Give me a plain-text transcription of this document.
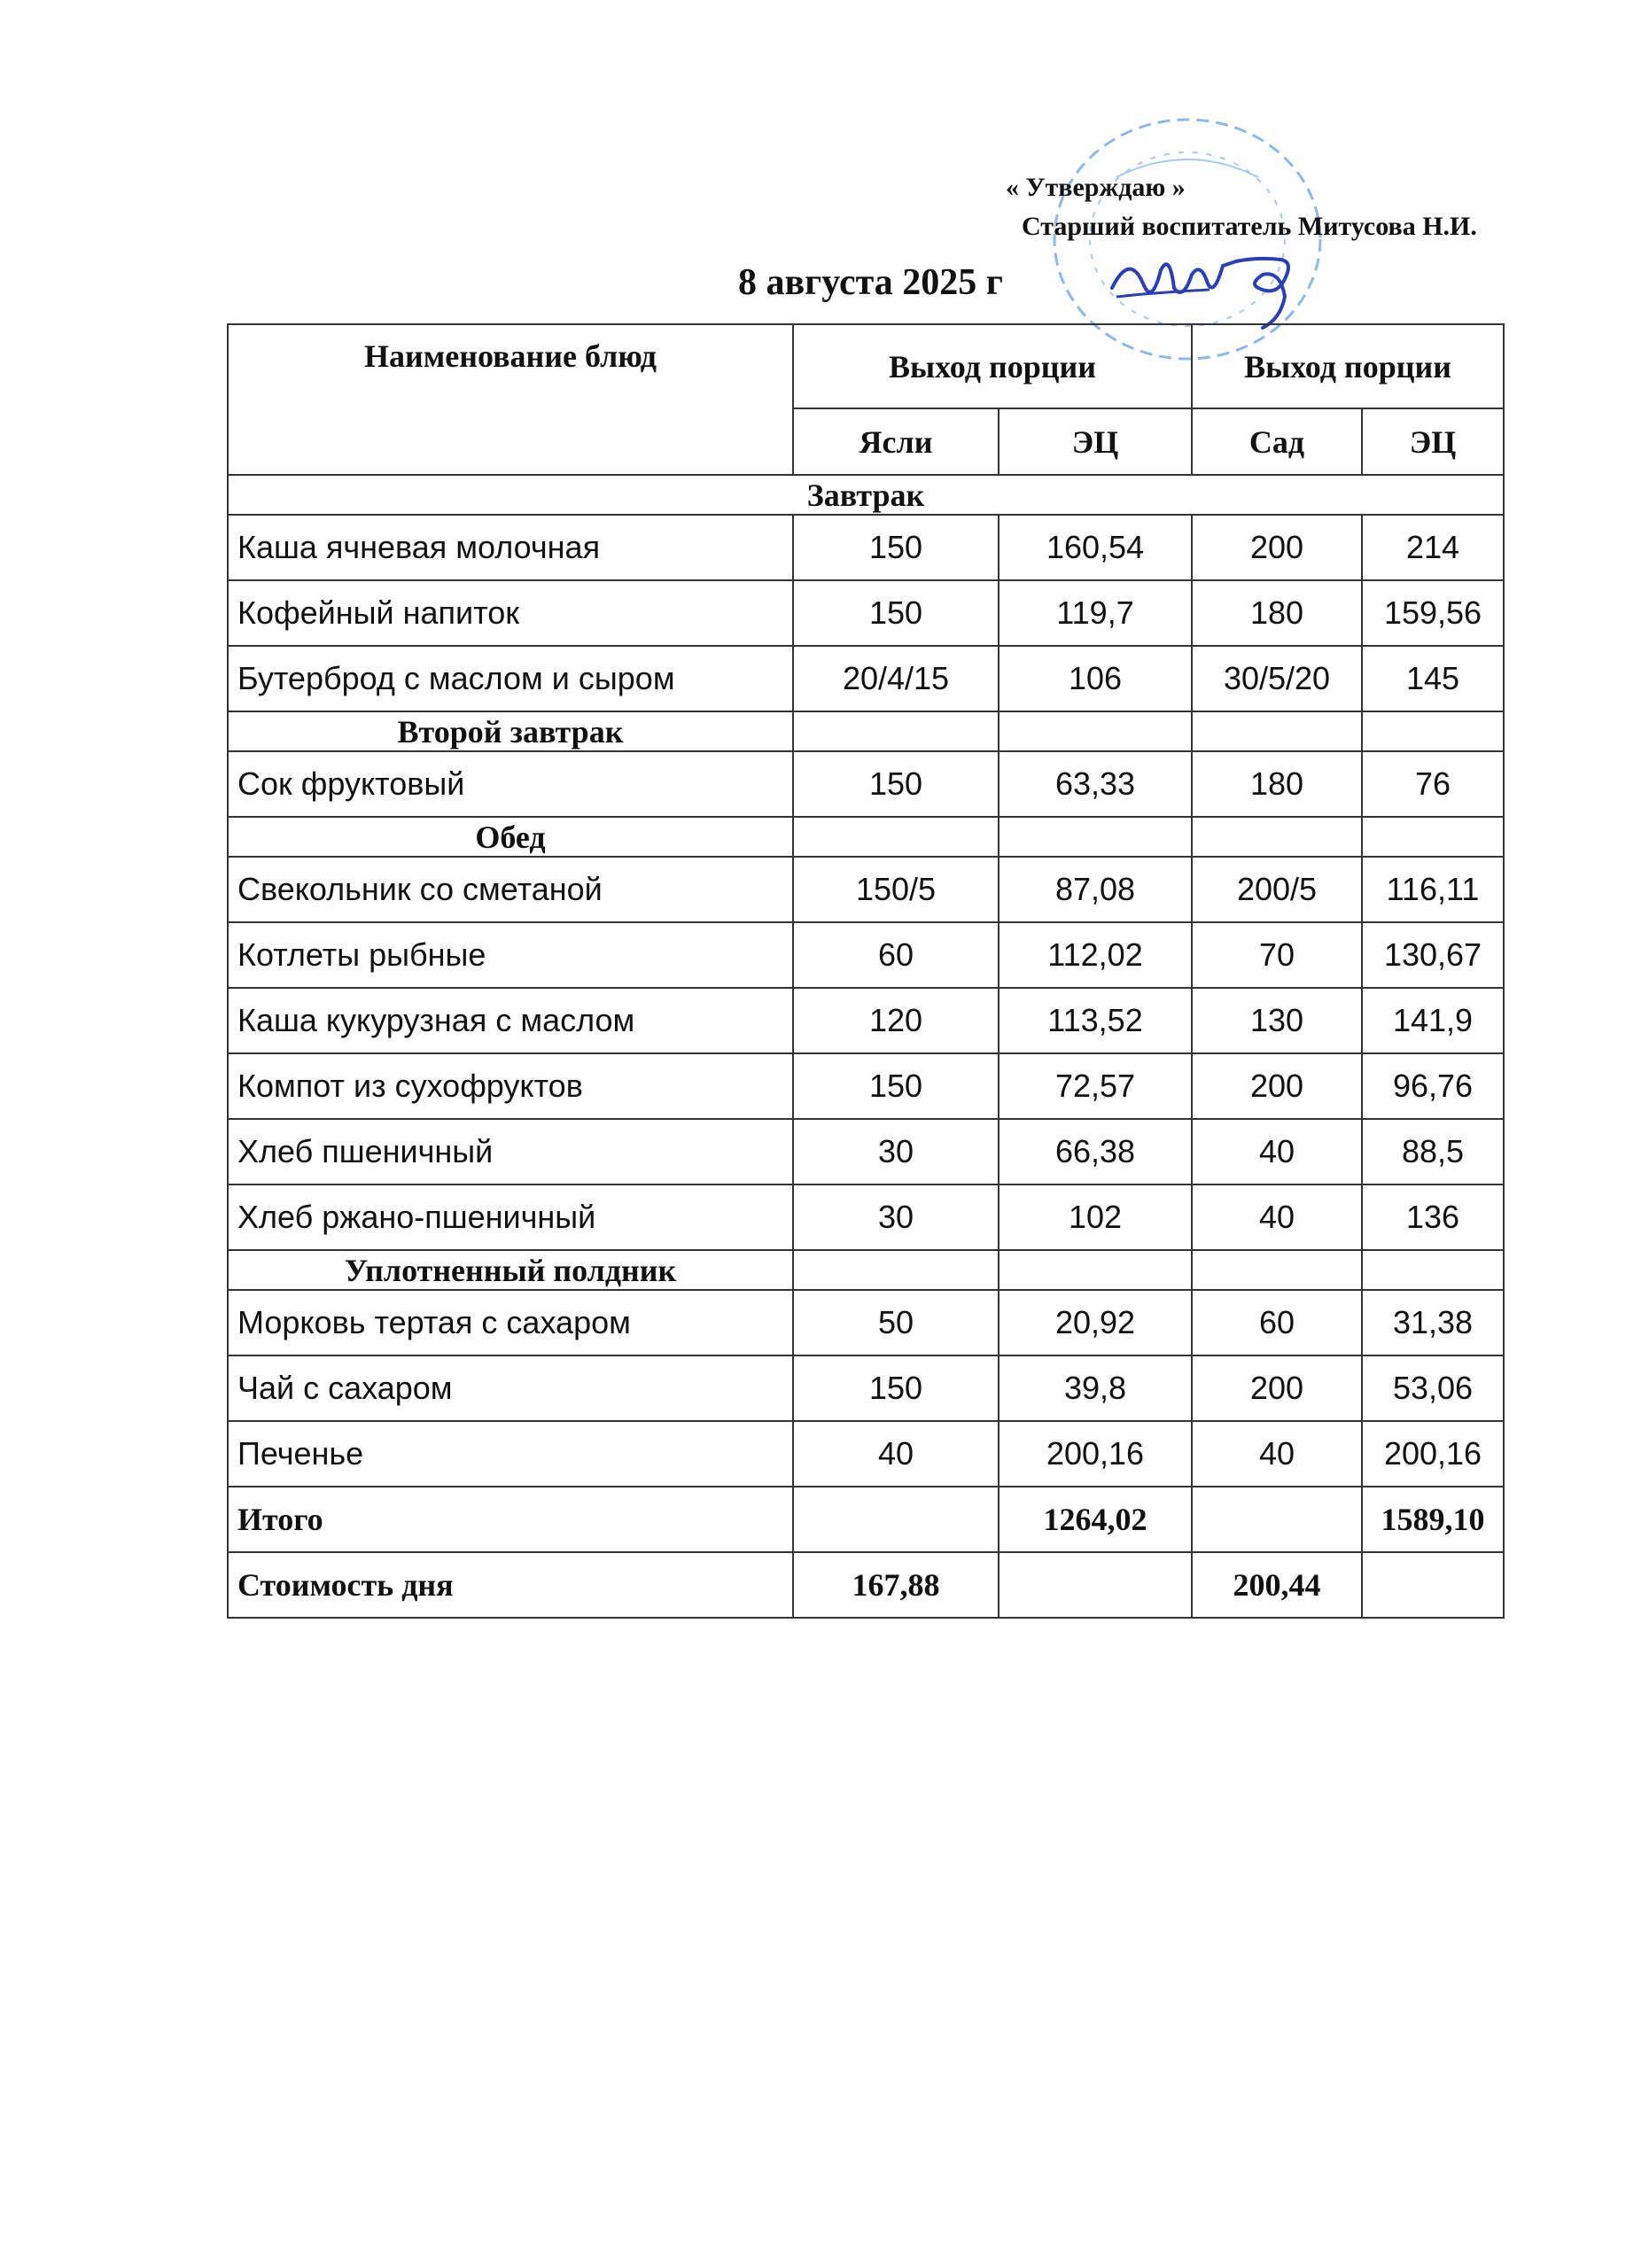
« Утверждаю »
Старший воспитатель Митусова Н.И.
8 августа 2025 г
Наименование блюд	Выход порции		Выход порции	
	Ясли	ЭЦ	Сад	ЭЦ
Завтрак				
Каша ячневая молочная	150	160,54	200	214
Кофейный напиток	150	119,7	180	159,56
Бутерброд с маслом и сыром	20/4/15	106	30/5/20	145
Второй завтрак				
Сок фруктовый	150	63,33	180	76
Обед				
Свекольник со сметаной	150/5	87,08	200/5	116,11
Котлеты рыбные	60	112,02	70	130,67
Каша кукурузная с маслом	120	113,52	130	141,9
Компот из сухофруктов	150	72,57	200	96,76
Хлеб пшеничный	30	66,38	40	88,5
Хлеб ржано-пшеничный	30	102	40	136
Уплотненный полдник				
Морковь тертая с сахаром	50	20,92	60	31,38
Чай с сахаром	150	39,8	200	53,06
Печенье	40	200,16	40	200,16
Итого		1264,02		1589,10
Стоимость дня	167,88		200,44	
